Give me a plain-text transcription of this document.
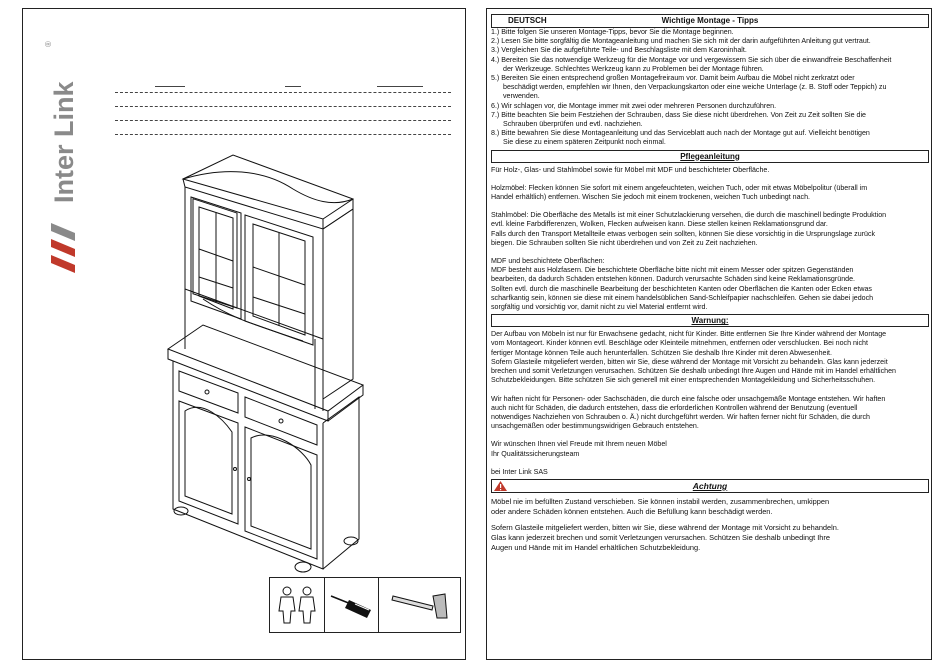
Inter Link
®
DEUTSCH	Wichtige Montage - Tipps

1.) Bitte folgen Sie unseren Montage-Tipps, bevor Sie die Montage beginnen.

2.) Lesen Sie bitte sorgfältig die Montageanleitung und machen Sie sich mit der darin aufgeführten Anleitung gut vertraut.

3.) Vergleichen Sie die aufgeführte Teile- und Beschlagsliste mit dem Karoninhalt.

4.) Bereiten Sie das notwendige Werkzeug für die Montage vor und vergewissern Sie sich über die einwandfreie Beschaffenheit

der Werkzeuge. Schlechtes Werkzeug kann zu Problemen bei der Montage führen.

5.) Bereiten Sie einen entsprechend großen Montagefreiraum vor. Damit beim Aufbau die Möbel nicht zerkratzt oder

beschädigt werden, empfehlen wir Ihnen, den Verpackungskarton oder eine weiche Unterlage (z. B. Stoff oder Teppich) zu

verwenden.

6.) Wir schlagen vor, die Montage immer mit zwei oder mehreren Personen durchzuführen.

7.) Bitte beachten Sie beim Festziehen der Schrauben, dass Sie diese nicht überdrehen. Von Zeit zu Zeit sollten Sie die

Schrauben überprüfen und evtl. nachziehen.

8.) Bitte bewahren Sie diese Montageanleitung und das Serviceblatt auch nach der Montage gut auf. Vielleicht benötigen

Sie diese zu einem späteren Zeitpunkt noch einmal.

Pflegeanleitung

Für Holz-, Glas- und Stahlmöbel sowie für Möbel mit MDF und beschichteter Oberfläche.

Holzmöbel: Flecken können Sie sofort mit einem angefeuchteten, weichen Tuch, oder mit etwas Möbelpolitur (überall im

Handel erhältlich) entfernen. Wischen Sie jedoch mit einem trockenen, weichen Tuch unbedingt nach.

Stahlmöbel: Die Oberfläche des Metalls ist mit einer Schutzlackierung versehen, die durch die maschinell bedingte Produktion

evtl. kleine Farbdifferenzen, Wolken, Flecken aufweisen kann. Diese stellen keinen Reklamationsgrund dar.

Falls durch den Transport Metallteile etwas verbogen sein sollten, können Sie diese vorsichtig in die Ursprungslage zurück

biegen. Die Schrauben sollten Sie nicht überdrehen und von Zeit zu Zeit nachziehen.

MDF und beschichtete Oberflächen:

MDF besteht aus Holzfasern. Die beschichtete Oberfläche bitte nicht mit einem Messer oder spitzen Gegenständen

bearbeiten, da dadurch Schäden entstehen können. Dadurch verursachte Schäden sind keine Reklamationsgründe.

Sollten evtl. durch die maschinelle Bearbeitung der beschichteten Kanten oder Oberflächen die Kanten oder Ecken etwas

scharfkantig sein, können sie diese mit einem handelsüblichen Sand-Schleifpapier nachschleifen. Gehen sie dabei jedoch

sorgfältig und vorsichtig vor, damit nicht zu viel Material entfernt wird.

Warnung:

Der Aufbau von Möbeln ist nur für Erwachsene gedacht, nicht für Kinder. Bitte entfernen Sie Ihre Kinder während der Montage

vom Montageort. Kinder können evtl. Beschläge oder Kleinteile mitnehmen, entfernen oder verschlucken. Bei noch nicht

fertiger Montage können Teile auch herunterfallen. Schützen Sie deshalb Ihre Kinder mit deren Abwesenheit.

Sofern Glasteile mitgeliefert werden, bitten wir Sie, diese während der Montage mit Vorsicht zu behandeln. Glas kann jederzeit

brechen und somit Verletzungen verursachen. Schützen Sie deshalb unbedingt Ihre Augen und Hände mit im Handel erhältlichen

Schutzbekleidungen. Bitte schützen Sie sich generell mit einer entsprechenden Montagekleidung und Sicherheitsschuhen.

Wir haften nicht für Personen- oder Sachschäden, die durch eine falsche oder unsachgemäße Montage entstehen. Wir haften

auch nicht für Schäden, die dadurch entstehen, dass die erforderlichen Kontrollen während der Benutzung (eventuell

notwendiges Nachziehen von Schrauben o. Ä.) nicht durchgeführt werden. Wir haften ferner nicht für Schäden, die durch

unsachgemäßen oder bestimmungswidrigen Gebrauch entstehen.

Wir wünschen Ihnen viel Freude mit Ihrem neuen Möbel

Ihr Qualitätssicherungsteam

bei Inter Link SAS

Achtung

Möbel nie im befüllten Zustand verschieben. Sie können instabil werden, zusammenbrechen, umkippen

oder andere Schäden können entstehen. Auch die Befüllung kann beschädigt werden.

Sofern Glasteile mitgeliefert werden, bitten wir Sie, diese während der Montage mit Vorsicht zu behandeln.

Glas kann jederzeit brechen und somit Verletzungen verursachen. Schützen Sie deshalb unbedingt Ihre

Augen und Hände mit im Handel erhältlichen Schutzbekleidung.
